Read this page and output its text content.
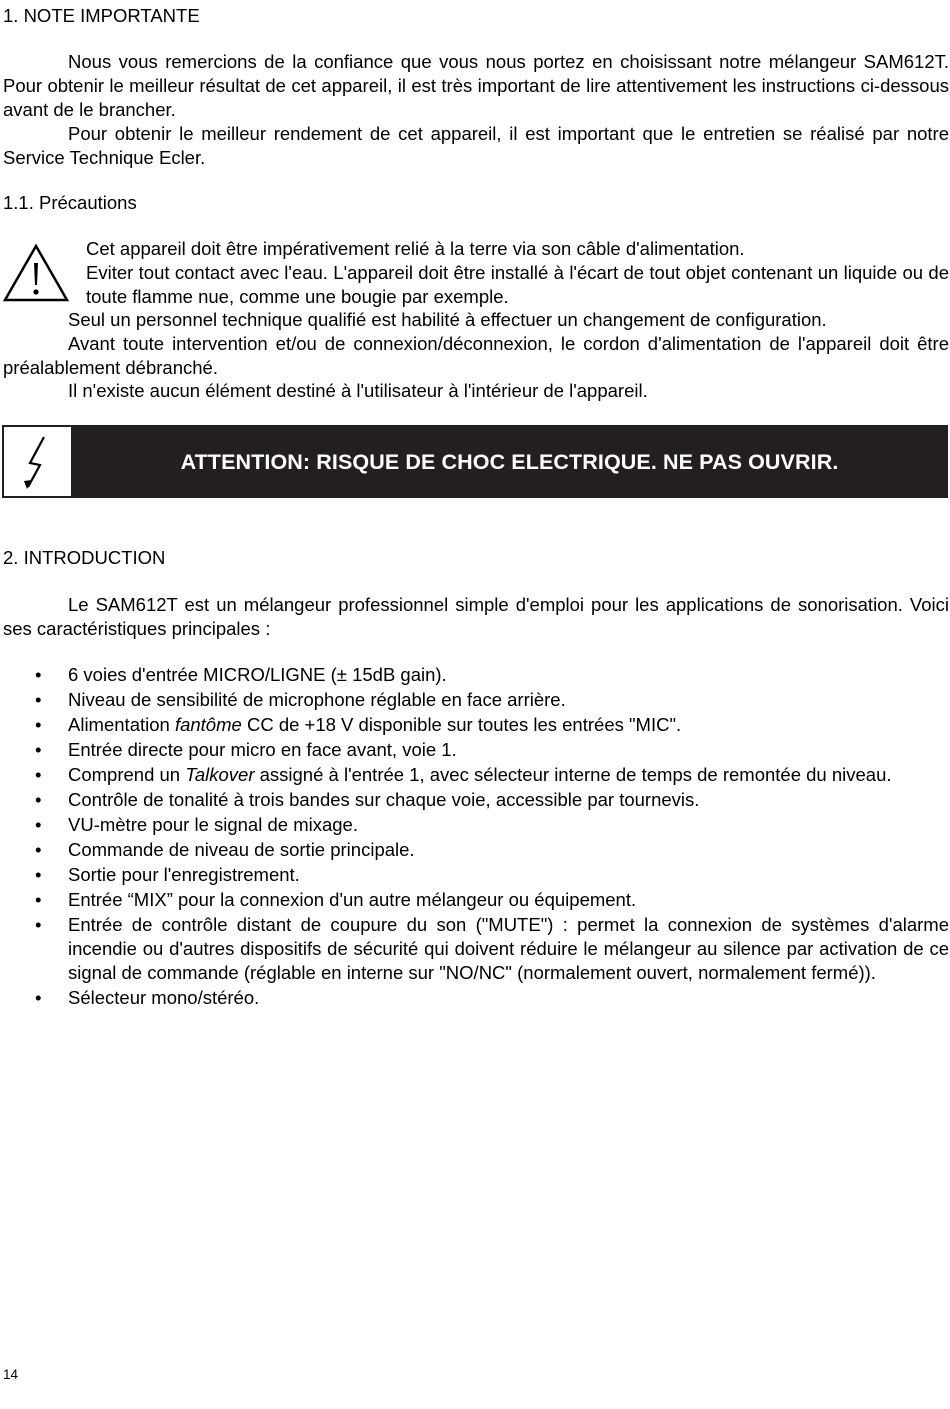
1. NOTE IMPORTANTE

Nous vous remercions de la confiance que vous nous portez en choisissant notre mélangeur SAM612T. Pour obtenir le meilleur résultat de cet appareil, il est très important de lire attentivement les instructions ci-dessous avant de le brancher.

Pour obtenir le meilleur rendement de cet appareil, il est important que le entretien se réalisé par notre Service Technique Ecler.

1.1. Précautions

Cet appareil doit être impérativement relié à la terre via son câble d'alimentation.

Eviter tout contact avec l'eau. L'appareil doit être installé à l'écart de tout objet contenant un liquide ou de toute flamme nue, comme une bougie par exemple.

Seul un personnel technique qualifié est habilité à effectuer un changement de configuration.

Avant toute intervention et/ou de connexion/déconnexion, le cordon d'alimentation de l'appareil doit être préalablement débranché.

Il n'existe aucun élément destiné à l'utilisateur à l'intérieur de l'appareil.

ATTENTION: RISQUE DE CHOC ELECTRIQUE. NE PAS OUVRIR.
2. INTRODUCTION

Le SAM612T est un mélangeur professionnel simple d'emploi pour les applications de sonorisation. Voici ses caractéristiques principales :

• 6 voies d'entrée MICRO/LIGNE (± 15dB gain).
• Niveau de sensibilité de microphone réglable en face arrière.
• Alimentation fantôme CC de +18 V disponible sur toutes les entrées "MIC".
• Entrée directe pour micro en face avant, voie 1.
• Comprend un Talkover assigné à l'entrée 1, avec sélecteur interne de temps de remontée du niveau.
• Contrôle de tonalité à trois bandes sur chaque voie, accessible par tournevis.
• VU-mètre pour le signal de mixage.
• Commande de niveau de sortie principale.
• Sortie pour l'enregistrement.
• Entrée “MIX” pour la connexion d'un autre mélangeur ou équipement.
• Entrée de contrôle distant de coupure du son ("MUTE") : permet la connexion de systèmes d'alarme incendie ou d'autres dispositifs de sécurité qui doivent réduire le mélangeur au silence par activation de ce signal de commande (réglable en interne sur "NO/NC" (normalement ouvert, normalement fermé)).
• Sélecteur mono/stéréo.
14
